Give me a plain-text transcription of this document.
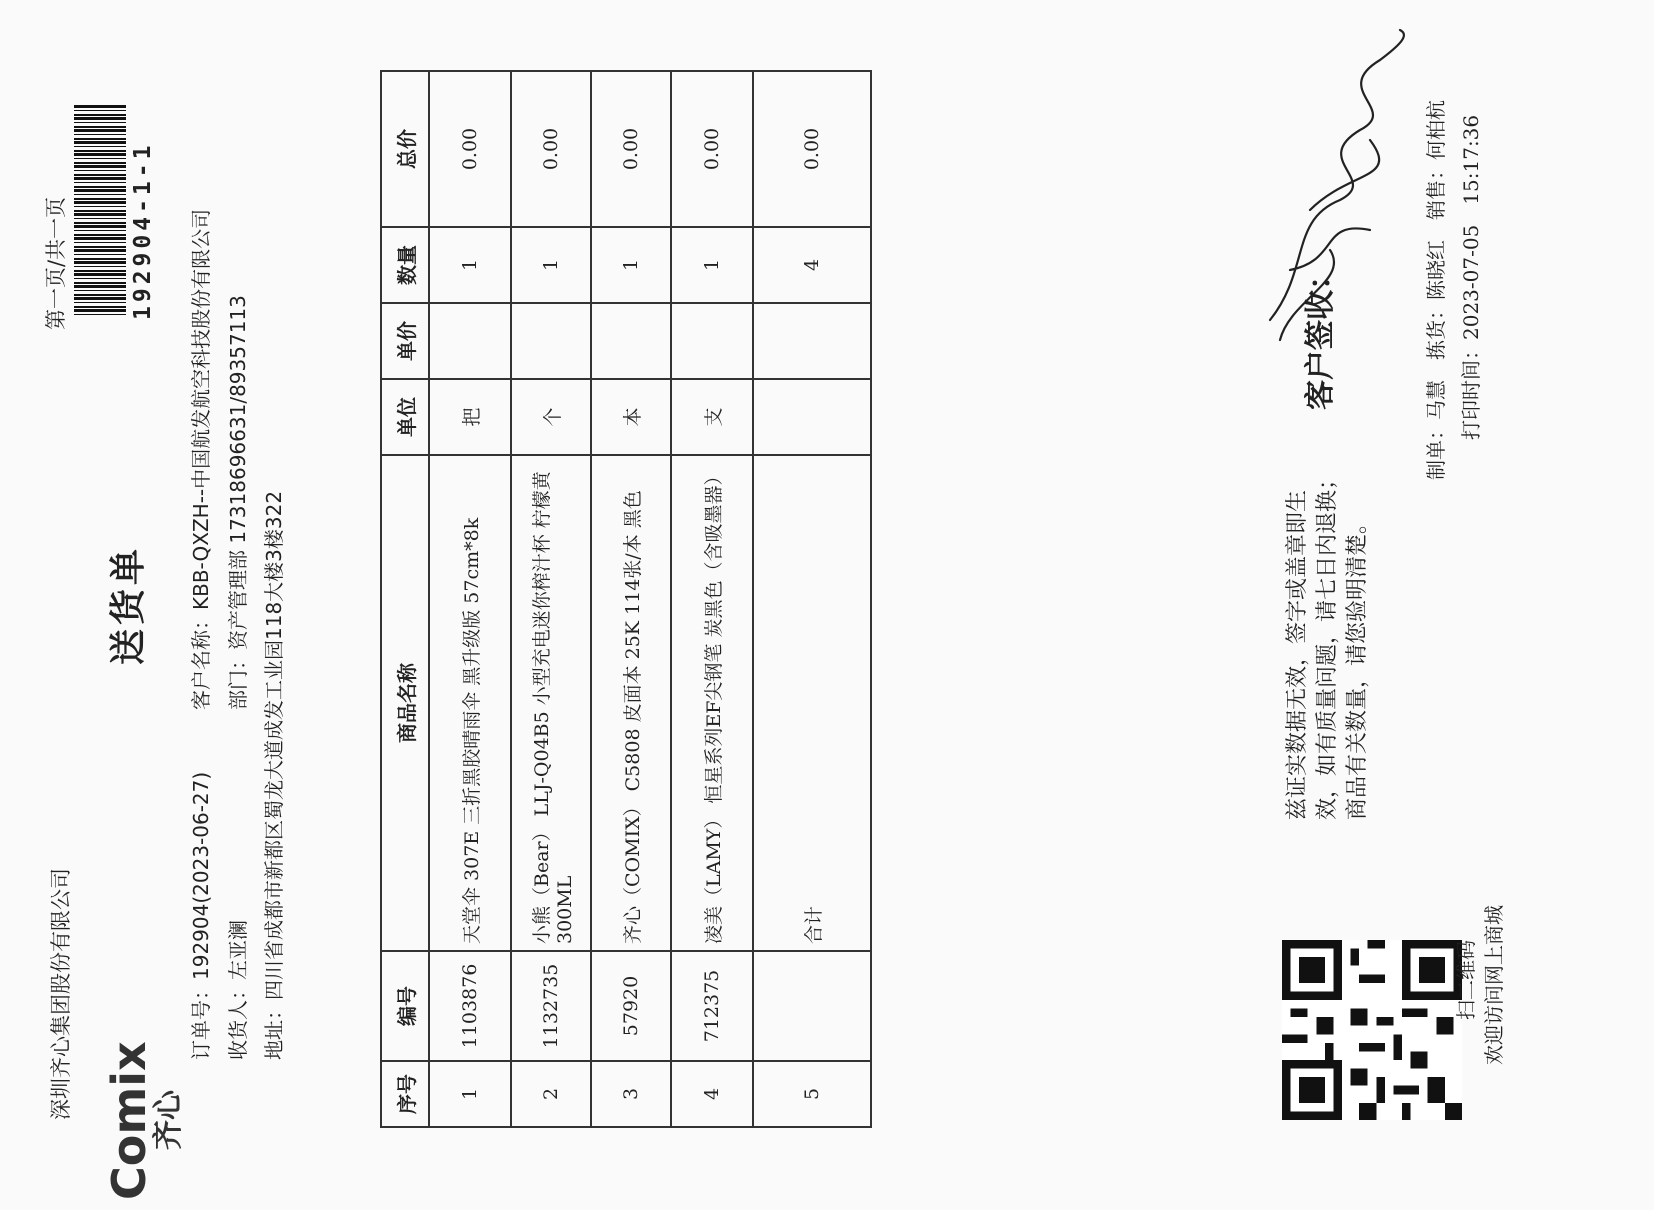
深圳齐心集团股份有限公司
Comix
齐心
送货单
订单号：192904(2023-06-27)
客户名称：KBB-QXZH--中国航发航空科技股份有限公司
收货人：左亚澜
部门：资产管理部 17318696631/89357113 地址：四川省成都市新都区蜀龙大道成发工业园118大楼3楼322
第一页/共一页	192904-1-1
序号	编号	商品名称	单位	单价	数量	总价
1	1103876	天堂伞 307E 三折黑胶晴雨伞 黑升级版 57cm*8k	把		1	0.00
2	1132735	小熊（Bear） LLJ-Q04B5 小型充电迷你榨汁杯 柠檬黄 300ML	个		1	0.00
3	57920	齐心（COMIX） C5808 皮面本 25K 114张/本 黑色	本		1	0.00
4	712375	凌美（LAMY） 恒星系列EF尖钢笔 炭黑色（含吸墨器）	支		1	0.00
5		合计			4	0.00
兹证实数据无效，签字或盖章即生 效，如有质量问题，请七日内退换； 商品有关数量，请您验明清楚。
客户签收：	制单：马慧　拣货：陈晓红　销售：何柏杭 打印时间：2023-07-05　15:17:36
扫二维码 欢迎访问网上商城
